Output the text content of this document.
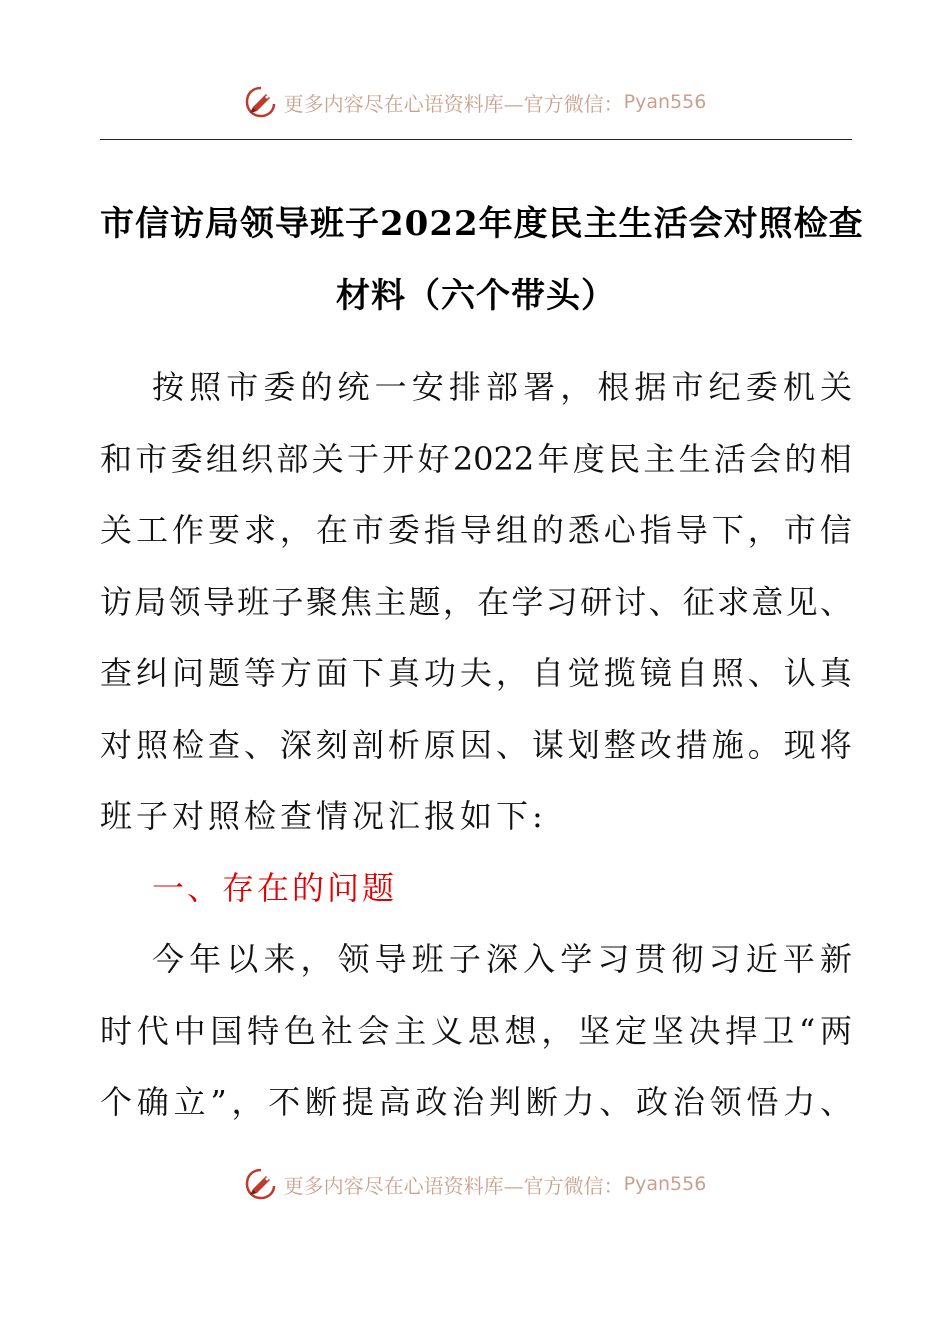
更多内容尽在心语资料库—官方微信： Pyan556
市信访局领导班子2022年度民主生活会对照检查
材料（六个带头）
按 照 市 委 的 统 一 安 排 部 署 ， 根 据 市 纪 委 机 关
和 市 委 组 织 部 关 于 开 好 2022 年 度 民 主 生 活 会 的 相
关 工 作 要 求 ， 在 市 委 指 导 组 的 悉 心 指 导 下 ， 市 信
访 局 领 导 班 子 聚 焦 主 题 ， 在 学 习 研 讨 、 征 求 意 见 、
查 纠 问 题 等 方 面 下 真 功 夫 ， 自 觉 揽 镜 自 照 、 认 真
对 照 检 查 、 深 刻 剖 析 原 因 、 谋 划 整 改 措 施 。 现 将
班子对照检查情况汇报如下:
一、存在的问题
今 年 以 来 ， 领 导 班 子 深 入 学 习 贯 彻 习 近 平 新
时 代 中 国 特 色 社 会 主 义 思 想 ， 坚 定 坚 决 捍 卫 “ 两
个 确 立 ” ， 不 断 提 高 政 治 判 断 力 、 政 治 领 悟 力 、
更多内容尽在心语资料库—官方微信： Pyan556
